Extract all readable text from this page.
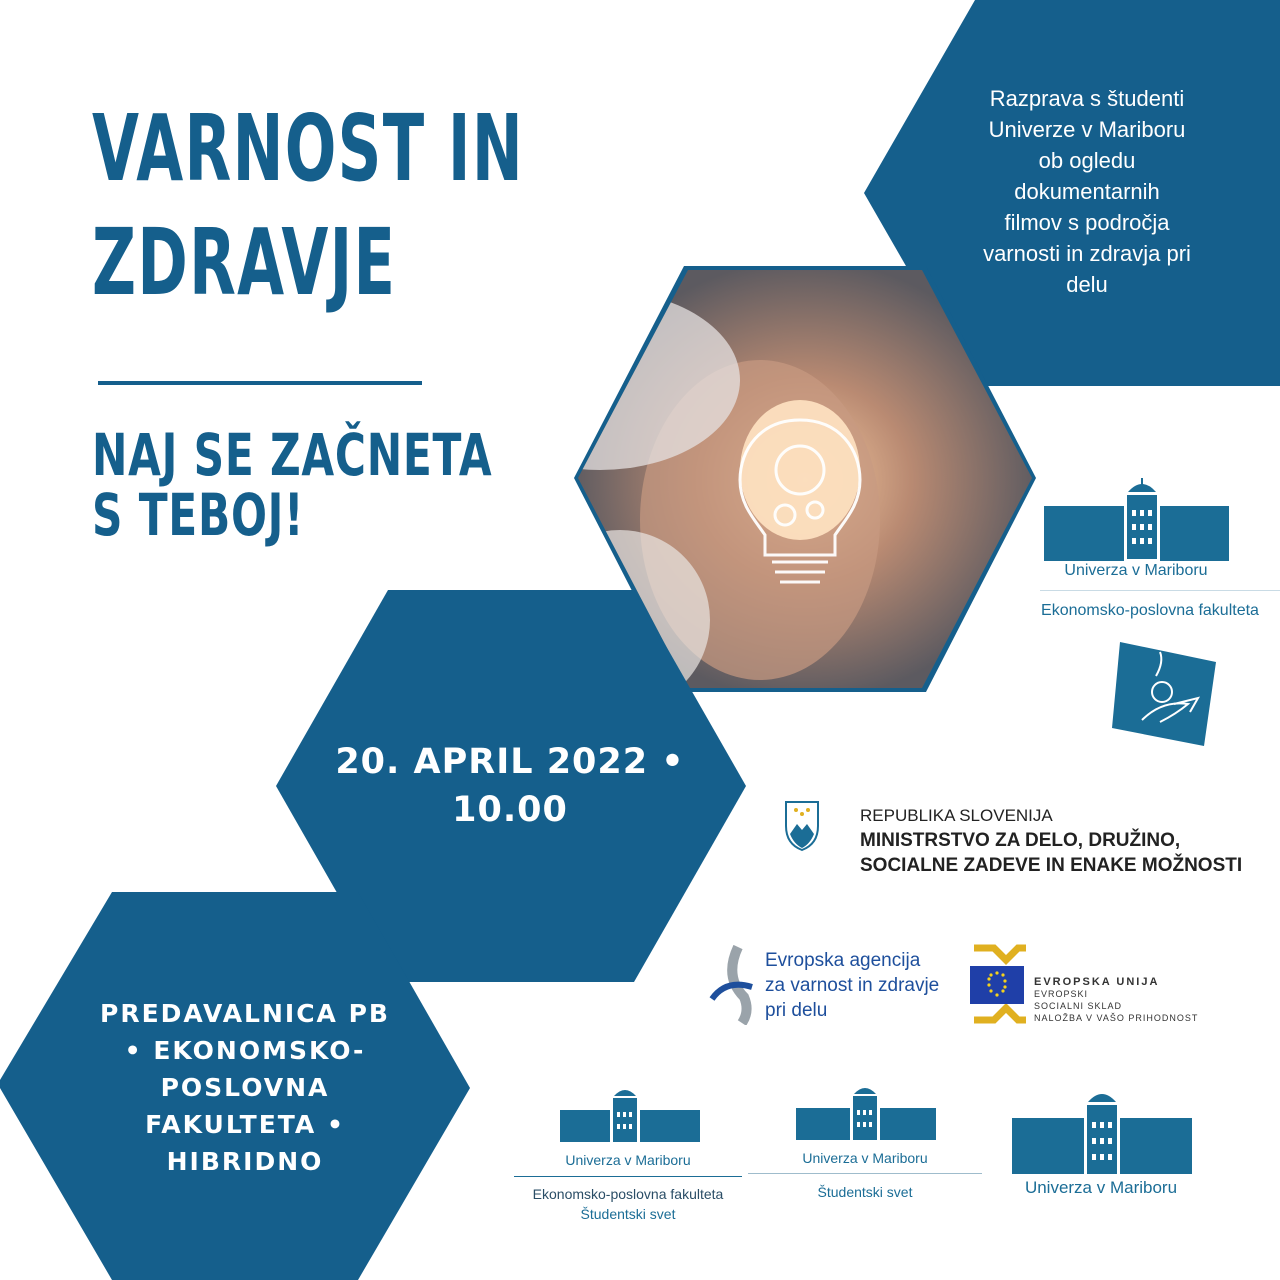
VARNOST IN
ZDRAVJE
NAJ SE ZAČNETA
S TEBOJ!
Razprava s študenti
Univerze v Mariboru
ob ogledu
dokumentarnih
filmov s področja
varnosti in zdravja pri
delu
20. APRIL 2022 •
10.00
PREDAVALNICA PB
• EKONOMSKO-
POSLOVNA
FAKULTETA •
HIBRIDNO
Univerza v Mariboru
Ekonomsko-poslovna fakulteta
REPUBLIKA SLOVENIJA
MINISTRSTVO ZA DELO, DRUŽINO,
SOCIALNE ZADEVE IN ENAKE MOŽNOSTI
Evropska agencija
za varnost in zdravje
pri delu
EVROPSKA UNIJA
EVROPSKI
SOCIALNI SKLAD
NALOŽBA V VAŠO PRIHODNOST
Univerza v Mariboru
Ekonomsko-poslovna fakulteta
Študentski svet
Univerza v Mariboru
Študentski svet	Univerza v Mariboru
